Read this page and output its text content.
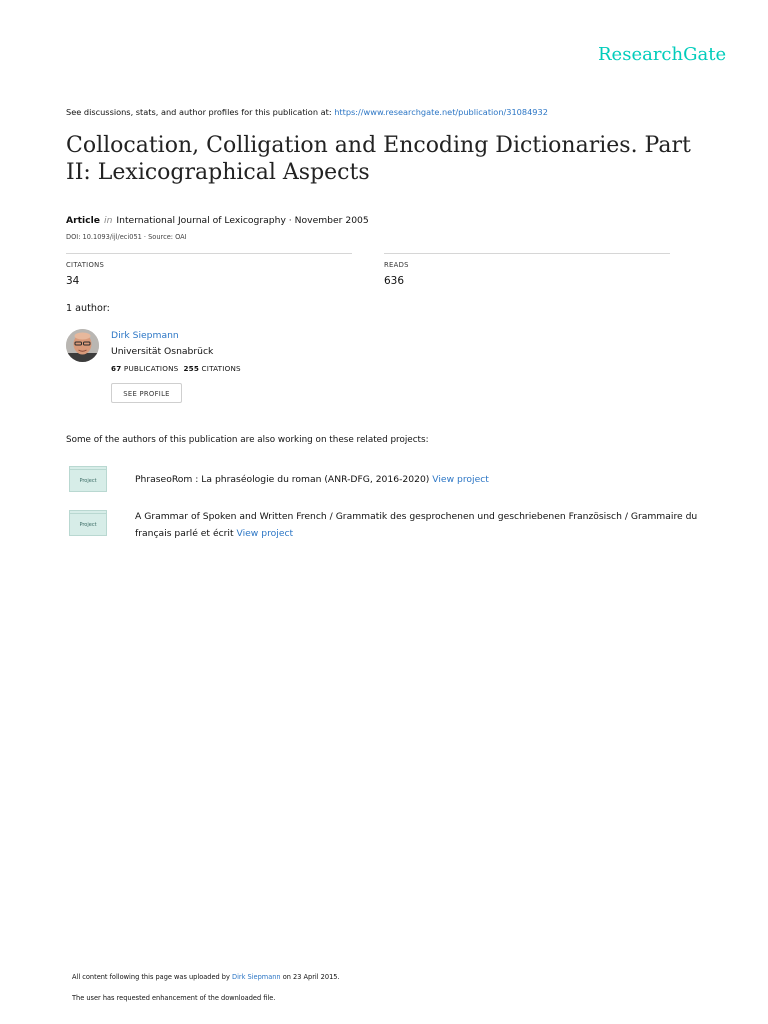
ResearchGate
See discussions, stats, and author profiles for this publication at: https://www.researchgate.net/publication/31084932
Collocation, Colligation and Encoding Dictionaries. Part II: Lexicographical Aspects
Article in International Journal of Lexicography · November 2005
DOI: 10.1093/ijl/eci051 · Source: OAI
CITATIONS
34
READS
636
1 author:
Dirk Siepmann
Universität Osnabrück
67 PUBLICATIONS 255 CITATIONS
SEE PROFILE
Some of the authors of this publication are also working on these related projects:
Project	PhraseoRom : La phraséologie du roman (ANR-DFG, 2016-2020) View project
Project
A Grammar of Spoken and Written French / Grammatik des gesprochenen und geschriebenen Französisch / Grammaire du français parlé et écrit View project
All content following this page was uploaded by Dirk Siepmann on 23 April 2015.
The user has requested enhancement of the downloaded file.
